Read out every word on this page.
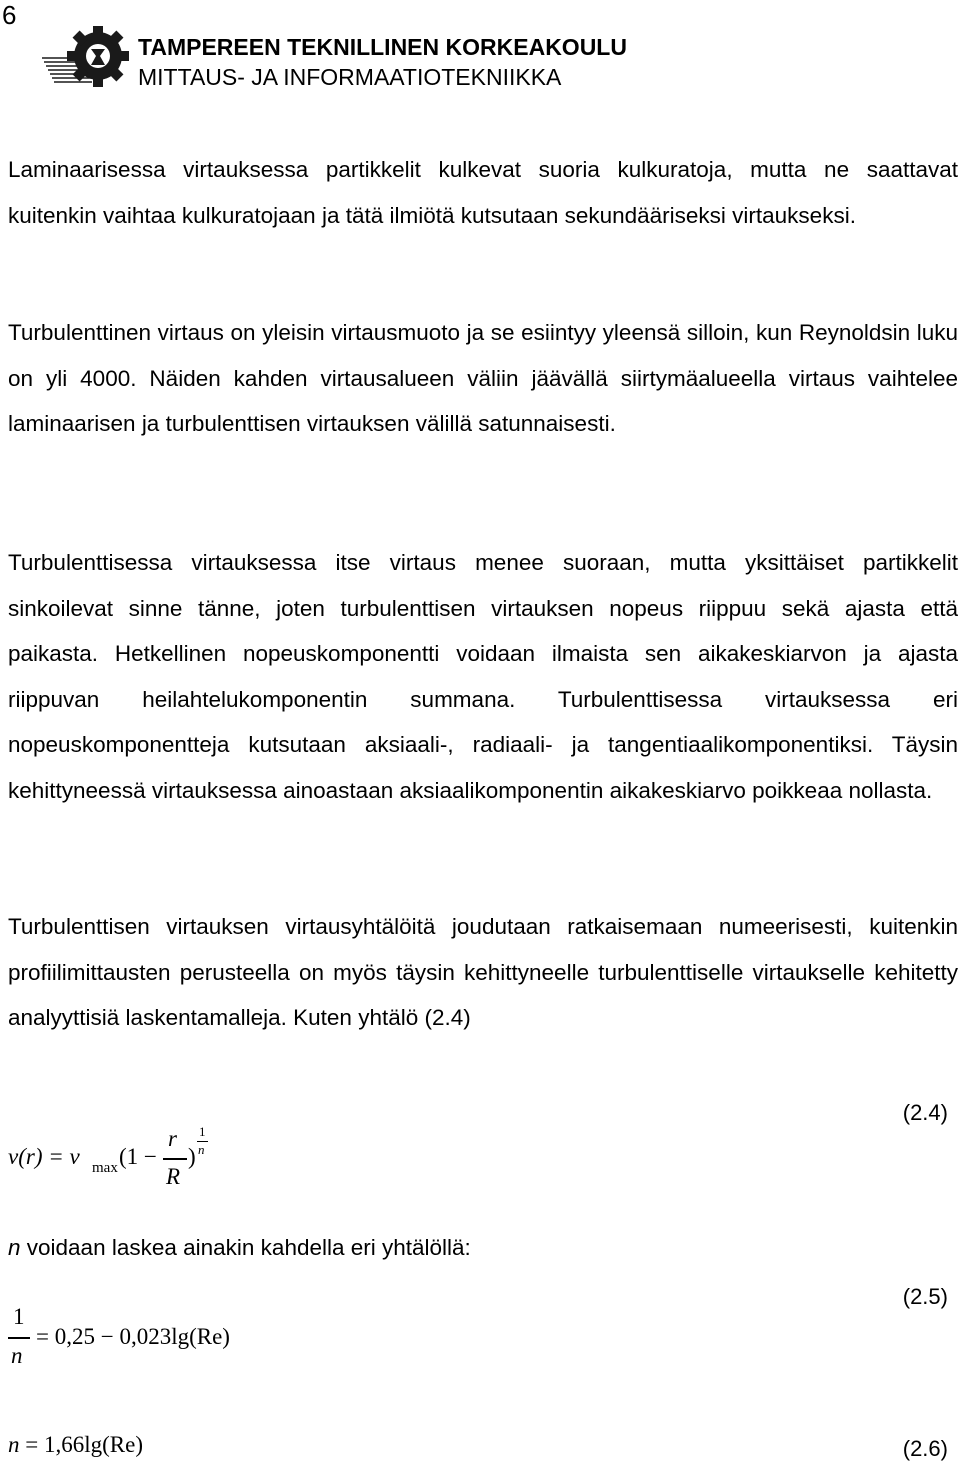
6
TAMPEREEN TEKNILLINEN KORKEAKOULU
MITTAUS- JA INFORMAATIOTEKNIIKKA

Laminaarisessa virtauksessa partikkelit kulkevat suoria kulkuratoja, mutta ne saattavat kuitenkin vaihtaa kulkuratojaan ja tätä ilmiötä kutsutaan sekundääriseksi virtaukseksi.

Turbulenttinen virtaus on yleisin virtausmuoto ja se esiintyy yleensä silloin, kun Reynoldsin luku on yli 4000. Näiden kahden virtausalueen väliin jäävällä siirtymäalueella virtaus vaihtelee laminaarisen ja turbulenttisen virtauksen välillä satunnaisesti.

Turbulenttisessa virtauksessa itse virtaus menee suoraan, mutta yksittäiset partikkelit sinkoilevat sinne tänne, joten turbulenttisen virtauksen nopeus riippuu sekä ajasta että paikasta. Hetkellinen nopeuskomponentti voidaan ilmaista sen aikakeskiarvon ja ajasta riippuvan heilahtelukomponentin summana. Turbulenttisessa virtauksessa eri nopeuskomponentteja kutsutaan aksiaali-, radiaali- ja tangentiaalikomponentiksi. Täysin kehittyneessä virtauksessa ainoastaan aksiaalikomponentin aikakeskiarvo poikkeaa nollasta.

Turbulenttisen virtauksen virtausyhtälöitä joudutaan ratkaisemaan numeerisesti, kuitenkin profiilimittausten perusteella on myös täysin kehittyneelle turbulenttiselle virtaukselle kehitetty analyyttisiä laskentamalleja. Kuten yhtälö (2.4)

(2.4)
v(r) = v max (1 −
r
R
)
1
n
n voidaan laskea ainakin kahdella eri yhtälöllä:
(2.5)
1
n
= 0,25 − 0,023lg(Re)
(2.6)
n = 1,66lg(Re)
